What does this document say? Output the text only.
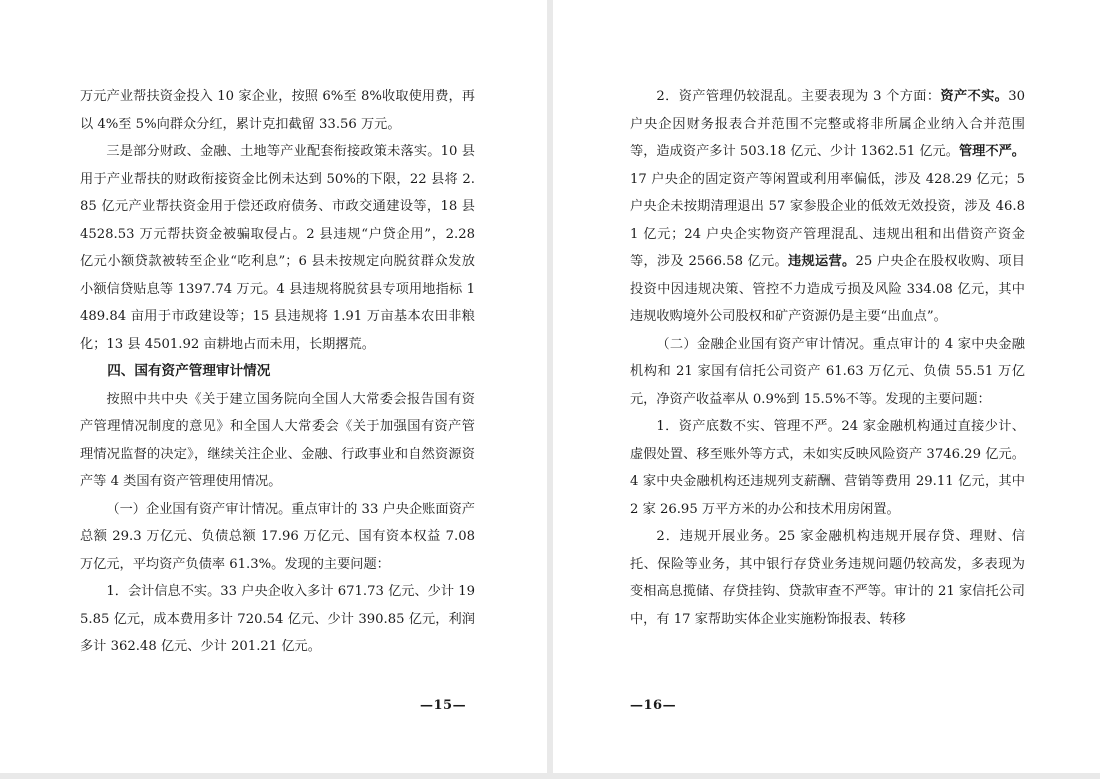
万元产业帮扶资金投入 10 家企业，按照 6%至 8%收取使用费，再以 4%至 5%向群众分红，累计克扣截留 33.56 万元。

三是部分财政、金融、土地等产业配套衔接政策未落实。10 县用于产业帮扶的财政衔接资金比例未达到 50%的下限，22 县将 2.85 亿元产业帮扶资金用于偿还政府债务、市政交通建设等，18 县 4528.53 万元帮扶资金被骗取侵占。2 县违规“户贷企用”，2.28 亿元小额贷款被转至企业“吃利息”；6 县未按规定向脱贫群众发放小额信贷贴息等 1397.74 万元。4 县违规将脱贫县专项用地指标 1489.84 亩用于市政建设等；15 县违规将 1.91 万亩基本农田非粮化；13 县 4501.92 亩耕地占而未用，长期撂荒。

四、国有资产管理审计情况

按照中共中央《关于建立国务院向全国人大常委会报告国有资产管理情况制度的意见》和全国人大常委会《关于加强国有资产管理情况监督的决定》，继续关注企业、金融、行政事业和自然资源资产等 4 类国有资产管理使用情况。

（一）企业国有资产审计情况。重点审计的 33 户央企账面资产总额 29.3 万亿元、负债总额 17.96 万亿元、国有资本权益 7.08 万亿元，平均资产负债率 61.3%。发现的主要问题：

1．会计信息不实。33 户央企收入多计 671.73 亿元、少计 195.85 亿元，成本费用多计 720.54 亿元、少计 390.85 亿元，利润多计 362.48 亿元、少计 201.21 亿元。

—15—

2．资产管理仍较混乱。主要表现为 3 个方面：资产不实。30 户央企因财务报表合并范围不完整或将非所属企业纳入合并范围等，造成资产多计 503.18 亿元、少计 1362.51 亿元。管理不严。17 户央企的固定资产等闲置或利用率偏低，涉及 428.29 亿元；5 户央企未按期清理退出 57 家参股企业的低效无效投资，涉及 46.81 亿元；24 户央企实物资产管理混乱、违规出租和出借资产资金等，涉及 2566.58 亿元。违规运营。25 户央企在股权收购、项目投资中因违规决策、管控不力造成亏损及风险 334.08 亿元，其中违规收购境外公司股权和矿产资源仍是主要“出血点”。

（二）金融企业国有资产审计情况。重点审计的 4 家中央金融机构和 21 家国有信托公司资产 61.63 万亿元、负债 55.51 万亿元，净资产收益率从 0.9%到 15.5%不等。发现的主要问题：

1．资产底数不实、管理不严。24 家金融机构通过直接少计、虚假处置、移至账外等方式，未如实反映风险资产 3746.29 亿元。4 家中央金融机构还违规列支薪酬、营销等费用 29.11 亿元，其中 2 家 26.95 万平方米的办公和技术用房闲置。

2．违规开展业务。25 家金融机构违规开展存贷、理财、信托、保险等业务，其中银行存贷业务违规问题仍较高发，多表现为变相高息揽储、存贷挂钩、贷款审查不严等。审计的 21 家信托公司中，有 17 家帮助实体企业实施粉饰报表、转移

—16—
